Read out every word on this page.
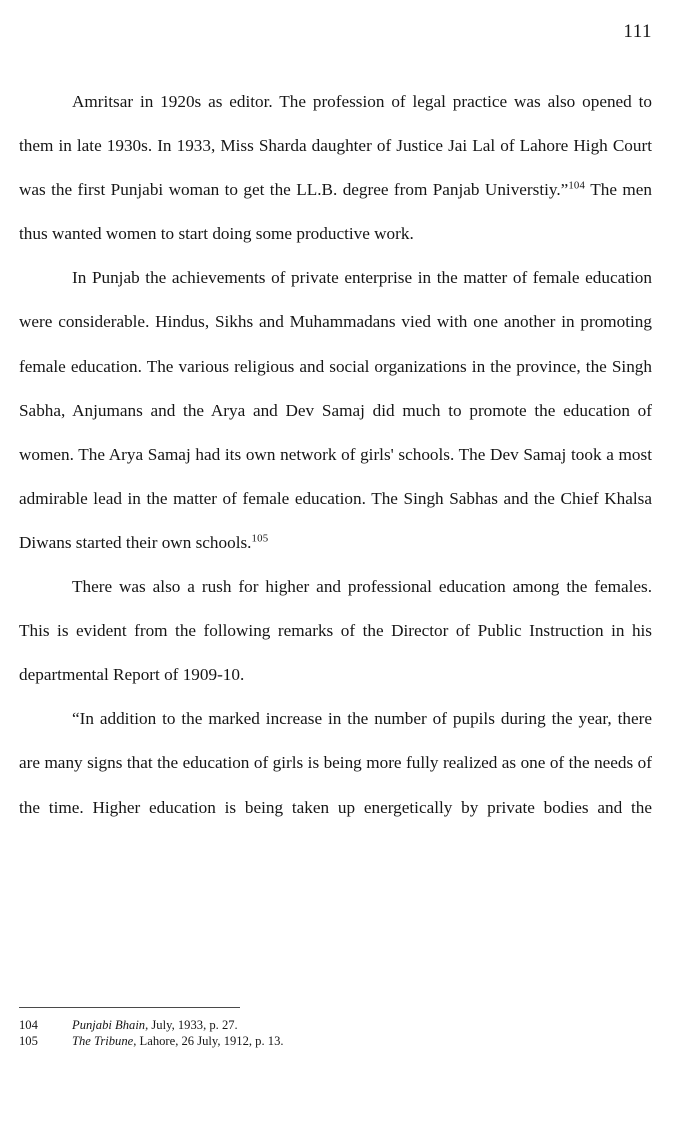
111

Amritsar in 1920s as editor. The profession of legal practice was also opened to them in late 1930s. In 1933, Miss Sharda daughter of Justice Jai Lal of Lahore High Court was the first Punjabi woman to get the LL.B. degree from Panjab Universtiy.”$^{104}$ The men thus wanted women to start doing some productive work.

In Punjab the achievements of private enterprise in the matter of female education were considerable. Hindus, Sikhs and Muhammadans vied with one another in promoting female education. The various religious and social organizations in the province, the Singh Sabha, Anjumans and the Arya and Dev Samaj did much to promote the education of women. The Arya Samaj had its own network of girls' schools. The Dev Samaj took a most admirable lead in the matter of female education. The Singh Sabhas and the Chief Khalsa Diwans started their own schools.$^{105}$

There was also a rush for higher and professional education among the females. This is evident from the following remarks of the Director of Public Instruction in his departmental Report of 1909-10.

“In addition to the marked increase in the number of pupils during the year, there are many signs that the education of girls is being more fully realized as one of the needs of the time. Higher education is being taken up energetically by private bodies and the

104	Punjabi Bhain, July, 1933, p. 27.
105	The Tribune, Lahore, 26 July, 1912, p. 13.
